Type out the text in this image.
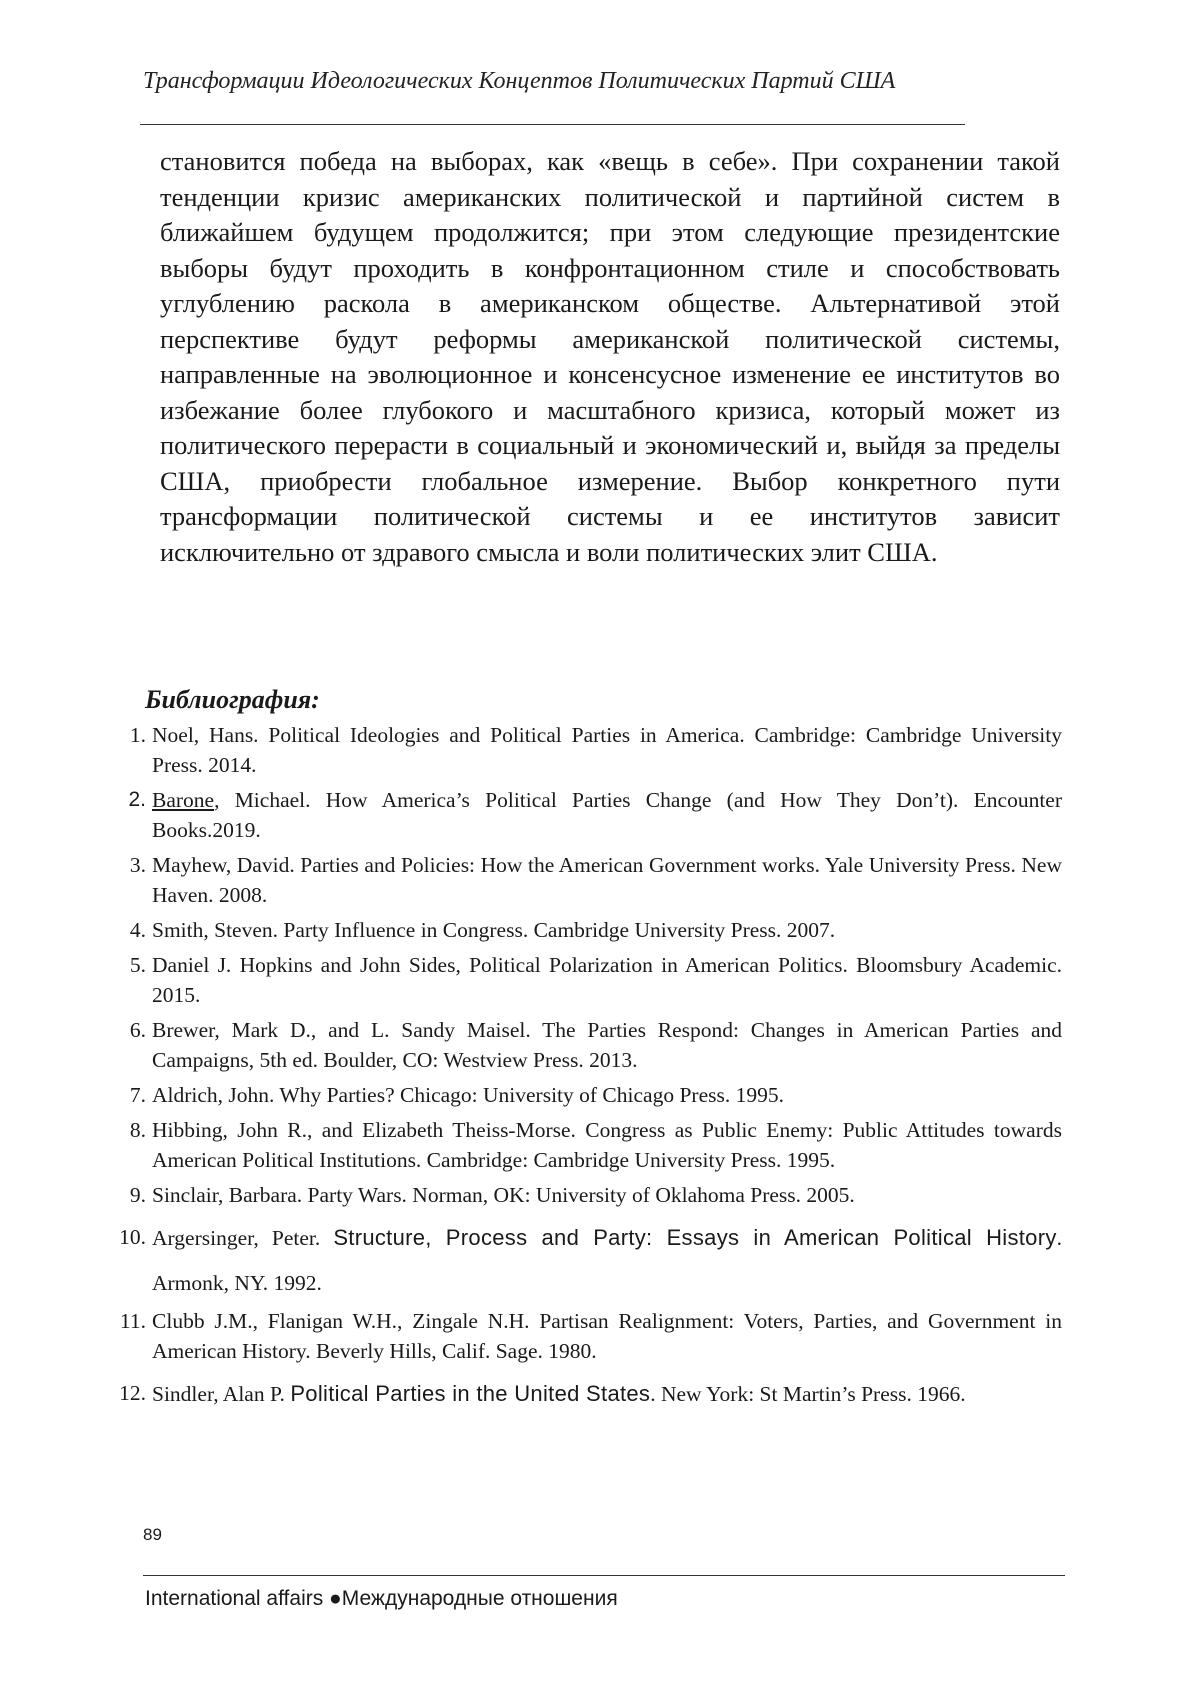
Трансформации Идеологических Концептов Политических Партий США

становится победа на выборах, как «вещь в себе». При сохранении такой тенденции кризис американских политической и партийной систем в ближайшем будущем продолжится; при этом следующие президентские выборы будут проходить в конфронтационном стиле и способствовать углублению раскола в американском обществе. Альтернативой этой перспективе будут реформы американской политической системы, направленные на эволюционное и консенсусное изменение ее институтов во избежание более глубокого и масштабного кризиса, который может из политического перерасти в социальный и экономический и, выйдя за пределы США, приобрести глобальное измерение. Выбор конкретного пути трансформации политической системы и ее институтов зависит исключительно от здравого смысла и воли политических элит США.

Библиография:
1. Noel, Hans. Political Ideologies and Political Parties in America. Cambridge: Cambridge University Press. 2014.
2. Barone, Michael. How America’s Political Parties Change (and How They Don’t). Encounter Books.2019.
3. Mayhew, David. Parties and Policies: How the American Government works. Yale University Press. New Haven. 2008.
4. Smith, Steven. Party Influence in Congress. Cambridge University Press. 2007.
5. Daniel J. Hopkins and John Sides, Political Polarization in American Politics. Bloomsbury Academic. 2015.
6. Brewer, Mark D., and L. Sandy Maisel. The Parties Respond: Changes in American Parties and Campaigns, 5th ed. Boulder, CO: Westview Press. 2013.
7. Aldrich, John. Why Parties? Chicago: University of Chicago Press. 1995.
8. Hibbing, John R., and Elizabeth Theiss-Morse. Congress as Public Enemy: Public Attitudes towards American Political Institutions. Cambridge: Cambridge University Press. 1995.
9. Sinclair, Barbara. Party Wars. Norman, OK: University of Oklahoma Press. 2005.
10. Argersinger, Peter. Structure, Process and Party: Essays in American Political History. Armonk, NY. 1992.
11. Clubb J.M., Flanigan W.H., Zingale N.H. Partisan Realignment: Voters, Parties, and Government in American History. Beverly Hills, Calif. Sage. 1980.
12. Sindler, Alan P. Political Parties in the United States. New York: St Martin’s Press. 1966.
89
International affairs ●Международные отношения
